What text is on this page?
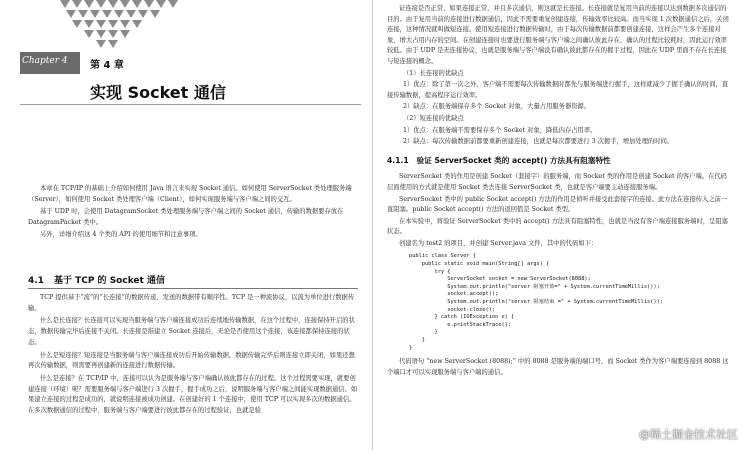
Chapter 4 第 4 章
实现 Socket 通信

本章在 TCP/IP 的基础上介绍如何使用 Java 语言来实现 Socket 通信。如何使用 ServerSocket 类处理服务端（Server），如何使用 Socket 类处理客户端（Client），如何实现服务端与客户端之间的交互。

基于 UDP 时，会使用 DatagramSocket 类处理服务端与客户端之间的 Socket 通信，传输的数据要存放在 DatagramPacket 类中。

另外，详细介绍这 4 个类的 API 的使用细节和注意事项。

4.1 基于 TCP 的 Socket 通信

TCP 提供基于“流”的“长连接”的数据传递，发送的数据带有顺序性。TCP 是一种流协议，以流为单位进行数据传输。

什么是长连接？长连接可以实现当服务端与客户端连接成功后连续地传输数据，在这个过程中，连接保持开启的状态，数据传输完毕后连接不关闭。长连接是指建立 Socket 连接后，无论是否使用这个连接，该连接都保持连接的状态。

什么是短连接？短连接是当服务端与客户端连接成功后开始传输数据，数据传输完毕后则连接立即关闭，如果还想再次传输数据，则需要再创建新的连接进行数据传输。

什么是连接？在 TCP/IP 中，连接可以认为是服务端与客户端确认彼此都存在的过程。这个过程需要实现，就要创建连接（环境）呢？需要服务端与客户端进行 3 次握手，握手成功之后，说明服务端与客户端之间能实现数据通信。如果建立连接的过程是成功的，就说明连接被成功创建。在创建好的 1 个连接中，使用 TCP 可以实现多次的数据通信。在多次数据通信的过程中，服务端与客户端要进行彼此都存在的过程验证，也就是验

证连接是否正常，如果连接正常，并且多次通信，则这就是长连接。长连接就是复用当前的连接以达到数据多次通信的目的。由于复用当前的连接进行数据通信，因此不需要重复创建连接，传输效率比较高。而当实现 1 次数据通信之后，关闭连接，这种情况就叫做短连接。使用短连接进行数据传输时，由于每次传输数据前都要创建连接，这样会产生多个连接对象，增大占用内存的空间。在创建连接时也要进行服务端与客户端之间确认彼此存在，确认的过程比较耗时，因此运行效率较低。由于 UDP 是无连接协议，也就是服务端与客户端没有确认彼此都存在的握手过程，因此在 UDP 里面不存在长连接与短连接的概念。

（1）长连接的优缺点

1）优点：除了第一次之外，客户端不需要每次传输数据时都先与服务端进行握手，这样就减少了握手确认的时间，直接传输数据，提高程序运行效率。

2）缺点：在服务端保存多个 Socket 对象，大量占用服务器资源。

（2）短连接的优缺点

1）优点：在服务端不需要保存多个 Socket 对象，降低内存占用率。

2）缺点：每次传输数据前都要重新创建连接，也就是每次都要进行 3 次握手，增加处理的时间。

4.1.1 验证 ServerSocket 类的 accept() 方法具有阻塞特性

ServerSocket 类的作用是创建 Socket（套接字）的服务端，而 Socket 类的作用是创建 Socket 的客户端。在代码层面使用的方式就是使用 Socket 类去连接 ServerSocket 类，也就是客户端要主动连接服务端。

ServerSocket 类中的 public Socket accept() 方法的作用是侦听并接受此套接字的连接。此方法在连接传入之前一直阻塞。public Socket accept() 方法的返回值是 Socket 类型。

在本实验中，将验证 ServerSocket 类中的 accept() 方法具有阻塞特性，也就是当没有客户端连接服务端时，呈阻塞状态。

创建名为 test2 的项目，并创建 Server.java 文件，其中的代码如下：

public class Server {
public static void main(String[] args) {
try {
ServerSocket socket = new ServerSocket(8088);
System.out.println("server 阻塞开始=" + System.currentTimeMillis());
socket.accept();
System.out.println("server 阻塞结束 =" + System.currentTimeMillis());
socket.close();
} catch (IOException e) {
e.printStackTrace();
}
}
}

代码语句 “new ServerSocket (8088);” 中的 8088 是服务端的端口号，而 Socket 类作为客户端要连接到 8088 这个端口才可以实现服务端与客户端的通信。

@稀土掘金技术社区
